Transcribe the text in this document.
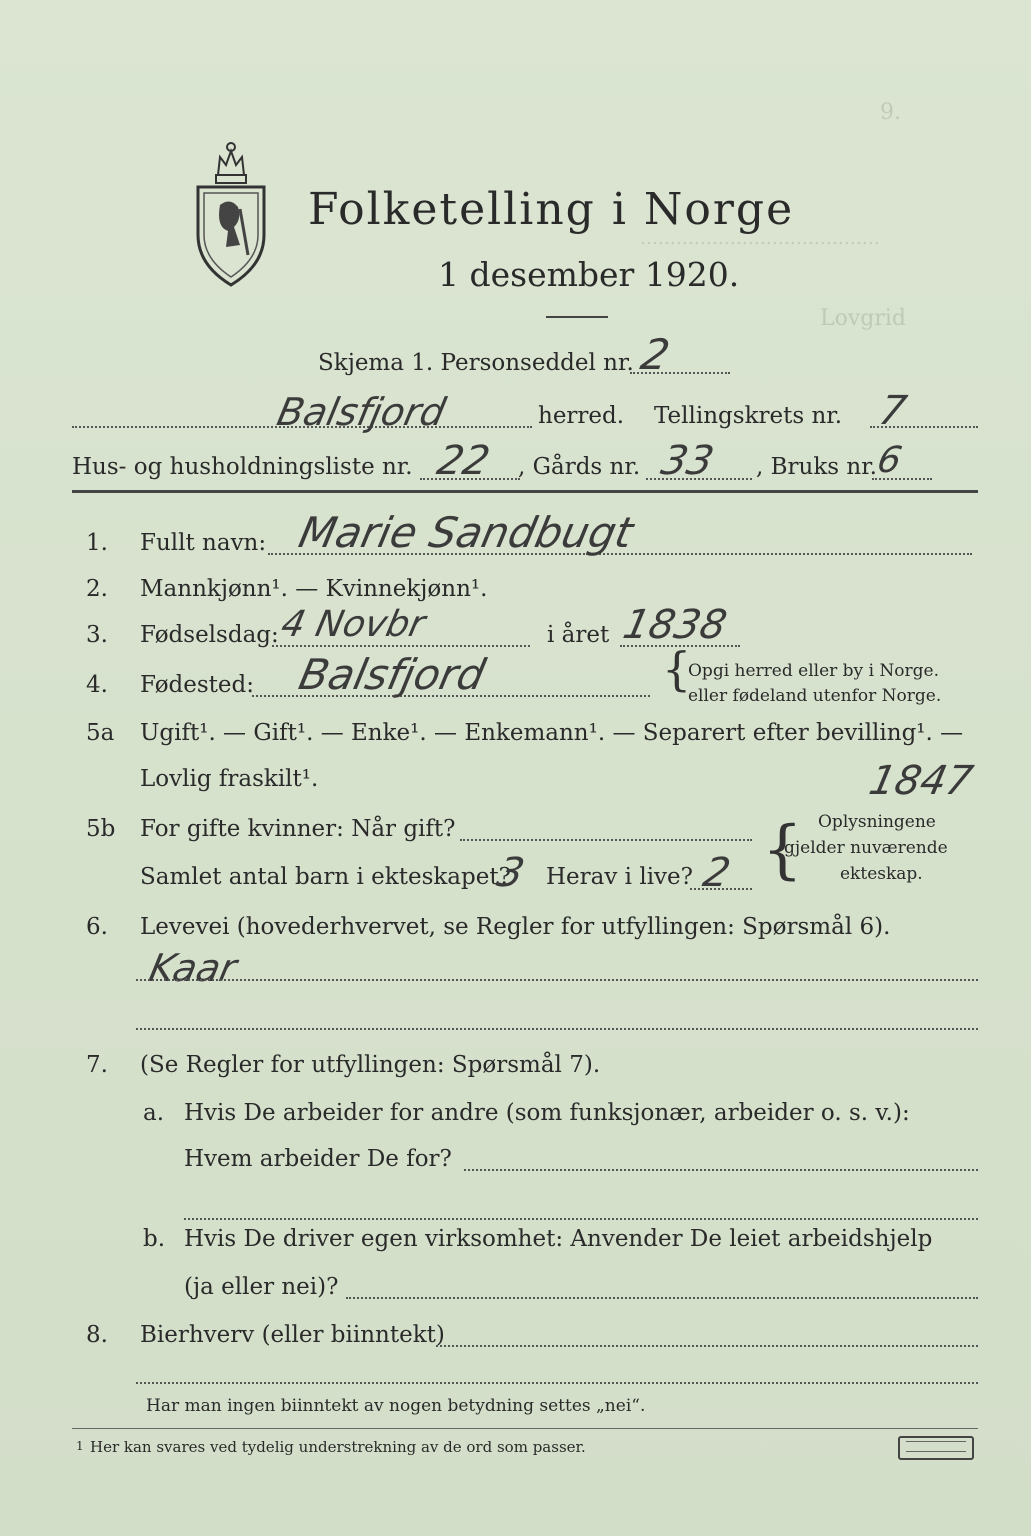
9.
….………………………………
Lovgrid
Folketelling i Norge
1 desember 1920.
Skjema 1. Personseddel nr. 2
Balsfjord	herred. Tellingskrets nr. 7
Hus- og husholdningsliste nr. 22 , Gårds nr. 33 , Bruks nr.
6
1. Fullt navn: Marie Sandbugt
2. Mannkjønn¹. — Kvinnekjønn¹.
3. Fødselsdag:
4 Novbr	i året 1838
4. Fødested: Balsfjord	{
Opgi herred eller by i Norge.
eller fødeland utenfor Norge.
5a Ugift¹. — Gift¹. — Enke¹. — Enkemann¹. — Separert efter bevilling¹. —
Lovlig fraskilt¹.	1847
5b For gifte kvinner: Når gift?
Samlet antal barn i ekteskapet?
3 Herav i live? 2 { Oplysningene
gjelder nuværende
ekteskap.
6. Levevei (hovederhvervet, se Regler for utfyllingen: Spørsmål 6).
Kaar
7. (Se Regler for utfyllingen: Spørsmål 7).
a. Hvis De arbeider for andre (som funksjonær, arbeider o. s. v.):
Hvem arbeider De for?
b. Hvis De driver egen virksomhet: Anvender De leiet arbeidshjelp
(ja eller nei)?
8. Bierhverv (eller biinntekt)
Har man ingen biinntekt av nogen betydning settes „nei“.
1 Her kan svares ved tydelig understrekning av de ord som passer.
